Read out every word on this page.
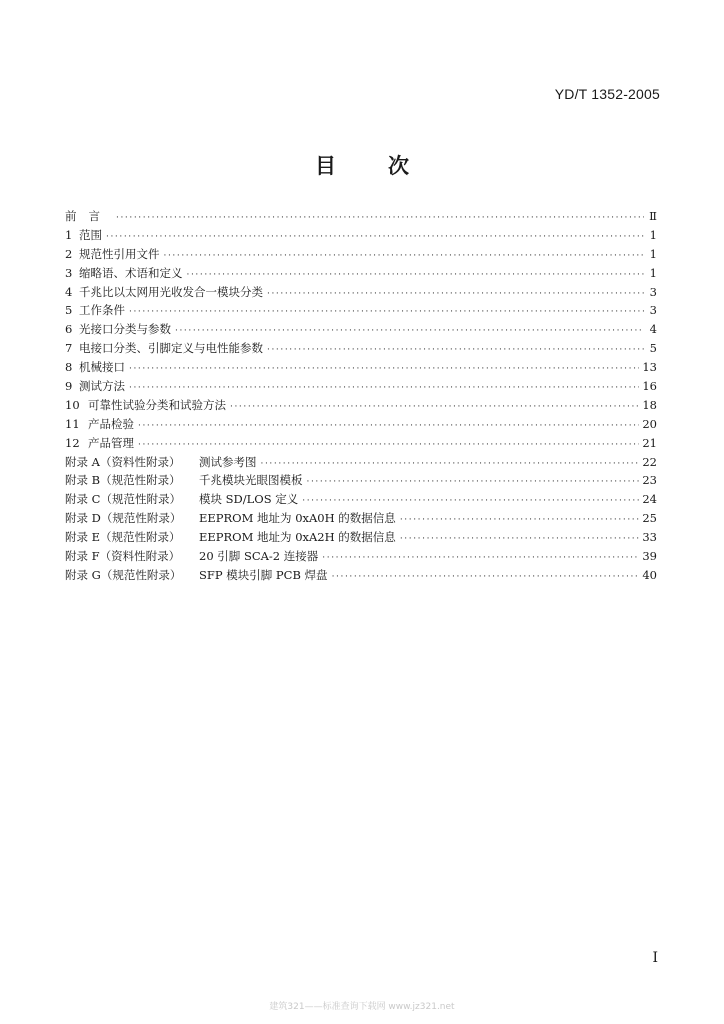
YD/T 1352-2005
目次
前言 ·····	Ⅱ
1 范围 ·····	1
2 规范性引用文件 ·····	1
3 缩略语、术语和定义 ·····	1
4 千兆比以太网用光收发合一模块分类 ·····	3
5 工作条件 ·····	3
6 光接口分类与参数 ·····	4
7 电接口分类、引脚定义与电性能参数 ·····	5
8 机械接口 ·····	13
9 测试方法 ·····	16
10 可靠性试验分类和试验方法 ·····	18
11 产品检验 ·····	20
12 产品管理 ·····	21
附录 A（资料性附录）	测试参考图 ·····	22
附录 B（规范性附录）	千兆模块光眼图模板 ·····	23
附录 C（规范性附录）	模块 SD/LOS 定义 ·····	24
附录 D（规范性附录）	EEPROM 地址为 0xA0H 的数据信息 ·····	25
附录 E（规范性附录）	EEPROM 地址为 0xA2H 的数据信息 ·····	33
附录 F（资料性附录）	20 引脚 SCA-2 连接器 ·····	39
附录 G（规范性附录）	SFP 模块引脚 PCB 焊盘 ·····	40
I
建筑321——标准查询下载网 www.jz321.net
